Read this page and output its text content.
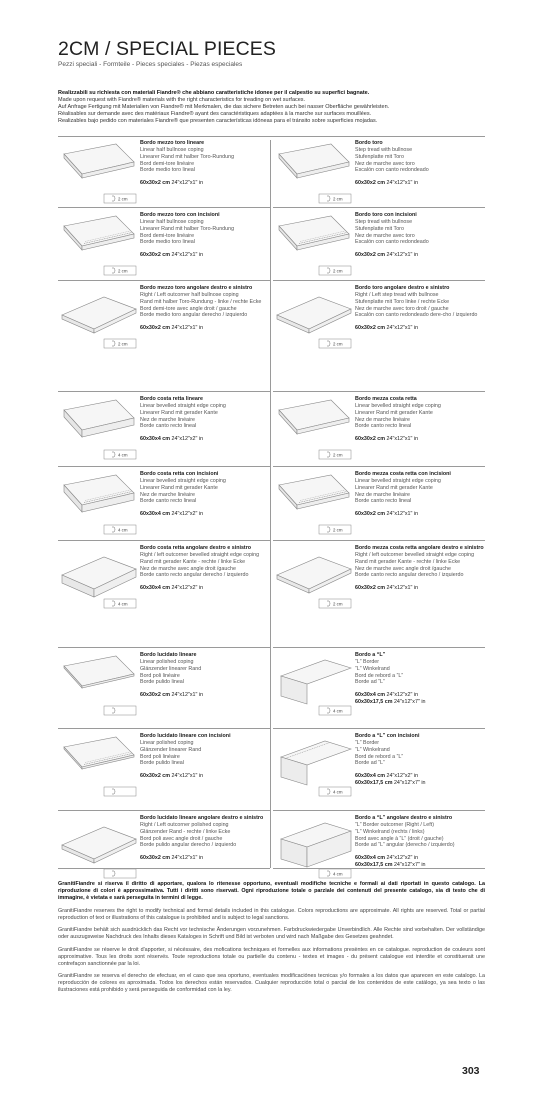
2CM / SPECIAL PIECES
Pezzi speciali - Formteile - Pieces speciales - Piezas especiales
Realizzabili su richiesta con materiali Fiandre® che abbiano caratteristiche idonee per il calpestio su superfici bagnate.
Made upon request with Fiandre® materials with the right characteristics for treading on wet surfaces.
Auf Anfrage Fertigung mit Materialien von Fiandre® mit Merkmalen, die das sichere Betreten auch bei nasser Oberfläche gewährleisten.
Réalisables sur demande avec des matériaux Fiandre® ayant des caractéristiques adaptées à la marche sur surfaces mouillées.
Realizables bajo pedido con materiales Fiandre® que presenten características idóneas para el tránsito sobre superficies mojadas.
2 cm
Bordo mezzo toro lineare
Linear half bullnose coping
Linearer Rand mit halber Toro-Rundung
Bord demi-tore linéaire
Borde medio toro lineal
60x30x2 cm 24"x12"x1" in
2 cm
Bordo toro
Step tread with bullnose
Stufenplatte mit Toro
Nez de marche avec toro
Escalón con canto redondeado
60x30x2 cm 24"x12"x1" in
2 cm
Bordo mezzo toro con incisioni
Linear half bullnose coping
Linearer Rand mit halber Toro-Rundung
Bord demi-tore linéaire
Borde medio toro lineal
60x30x2 cm 24"x12"x1" in
2 cm
Bordo toro con incisioni
Step tread with bullnose
Stufenplatte mit Toro
Nez de marche avec toro
Escalón con canto redondeado
60x30x2 cm 24"x12"x1" in
2 cm
Bordo mezzo toro angolare destro e sinistro
Right / Left outcorner half bullnose coping
Rand mit halber Toro-Rundung - linke / rechte Ecke
Bord demi-tore avec angle droit / gauche
Borde medio toro angular derecho / izquierdo
60x30x2 cm 24"x12"x1" in
2 cm
Bordo toro angolare destro e sinistro
Right / Left step tread with bullnose
Stufenplatte mit Toro linke / rechte Ecke
Nez de marche avec toro droit / gauche
Escalón con canto redondeado dere-cho / izquierdo
60x30x2 cm 24"x12"x1" in
4 cm
Bordo costa retta lineare
Linear bevelled straight edge coping
Linearer Rand mit gerader Kante
Nez de marche linéaire
Borde canto recto lineal
60x30x4 cm 24"x12"x2" in
2 cm
Bordo mezza costa retta
Linear bevelled straight edge coping
Linearer Rand mit gerader Kante
Nez de marche linéaire
Borde canto recto lineal
60x30x2 cm 24"x12"x1" in
4 cm
Bordo costa retta con incisioni
Linear bevelled straight edge coping
Linearer Rand mit gerader Kante
Nez de marche linéaire
Borde canto recto lineal
60x30x4 cm 24"x12"x2" in
2 cm
Bordo mezza costa retta con incisioni
Linear bevelled straight edge coping
Linearer Rand mit gerader Kante
Nez de marche linéaire
Borde canto recto lineal
60x30x2 cm 24"x12"x1" in
4 cm
Bordo costa retta angolare destro e sinistro
Right / left outcorner bevelled straight edge coping
Rand mit gerader Kante - rechte / linke Ecke
Nez de marche avec angle droit /gauche
Borde canto recto angular derecho / izquierdo
60x30x4 cm 24"x12"x2" in
2 cm
Bordo mezza costa retta angolare destro e sinistro
Right / left outcorner bevelled straight edge coping
Rand mit gerader Kante - rechte / linke Ecke
Nez de marche avec angle droit /gauche
Borde canto recto angular derecho / izquierdo
60x30x2 cm 24"x12"x1" in
Bordo lucidato lineare
Linear polished coping
Glänzender linearer Rand
Bord poli linéaire
Borde pulido lineal
60x30x2 cm 24"x12"x1" in
4 cm
Bordo a “L”
“L” Border
“L” Winkelrand
Bord de rebord a “L”
Borde ad “L”
60x30x4 cm 24"x12"x2" in
60x30x17,5 cm 24"x12"x7" in
Bordo lucidato lineare con incisioni
Linear polished coping
Glänzender linearer Rand
Bord poli linéaire
Borde pulido lineal
60x30x2 cm 24"x12"x1" in
4 cm
Bordo a “L” con incisioni
“L” Border
“L” Winkelrand
Bord de rebord a “L”
Borde ad “L”
60x30x4 cm 24"x12"x2" in
60x30x17,5 cm 24"x12"x7" in
Bordo lucidato lineare angolare destro e sinistro
Right / Left outcorner polished coping
Glänzender Rand - rechte / linke Ecke
Bord poli avec angle droit / gauche
Borde pulido angular derecho / izquierdo
60x30x2 cm 24"x12"x1" in
4 cm
Bordo a “L” angolare destro e sinistro
“L” Border outcorner (Right / Left)
“L” Winkelrand (rechts / links)
Bord avec angle à “L” (droit / gauche)
Borde ad “L” angular (derecho / izquierdo)
60x30x4 cm 24"x12"x2" in
60x30x17,5 cm 24"x12"x7" in

GranitiFiandre si riserva il diritto di apportare, qualora lo ritenesse opportuno, eventuali modifiche tecniche e formali ai dati riportati in questo catalogo. La riproduzione di colori è approssimativa. Tutti i diritti sono riservati. Ogni riproduzione totale o parziale dei contenuti del presente catalogo, sia di testo che di immagine, è vietata e sarà perseguita in termini di legge.

GranitiFiandre reserves the right to modify technical and formal details included in this catalogue. Colors reproductions are approximate. All rights are reserved. Total or partial reproduction of text or illustrations of this catalogue is prohibited and is subject to legal sanctions.

GranitiFiandre behält sich ausdrücklich das Recht vor technische Änderungen vorzunehmen. Farbdruckwiedergabe Unverbindlich. Alle Rechte sind vorbehalten. Der vollständige oder auszugsweise Nachdruck des Inhalts dieses Kataloges in Schrift und Bild ist verboten und wird nach Maßgabe des Gesetzes geahndet.

GranitiFiandre se réserve le droit d'apporter, si nécéssaire, des mofications techniques et formelles aux informations presèntes en ce catalogue. reproduction de couleurs sont approximative. Tous les droits sont réservés. Toute reproductions totale ou partielle du contenu - textes et images - du présent catalogue est interdite et constituerait une contrefaçon sanctionnée par la loi.

GranitiFiandre se reserva el derecho de efectuar, en el caso que sea oportuno, eventuales modificaciónes tecnicas y/o formales a los datos que aparecen en este catalogo. La reproducción de colores es aproximada. Todos los derechos están reservados. Cualquier reproducción total o parcial de los contenidos de este catálogo, ya sea texto o las ilustraciones está prohibido y será perseguida de conformidad con la ley.

303
